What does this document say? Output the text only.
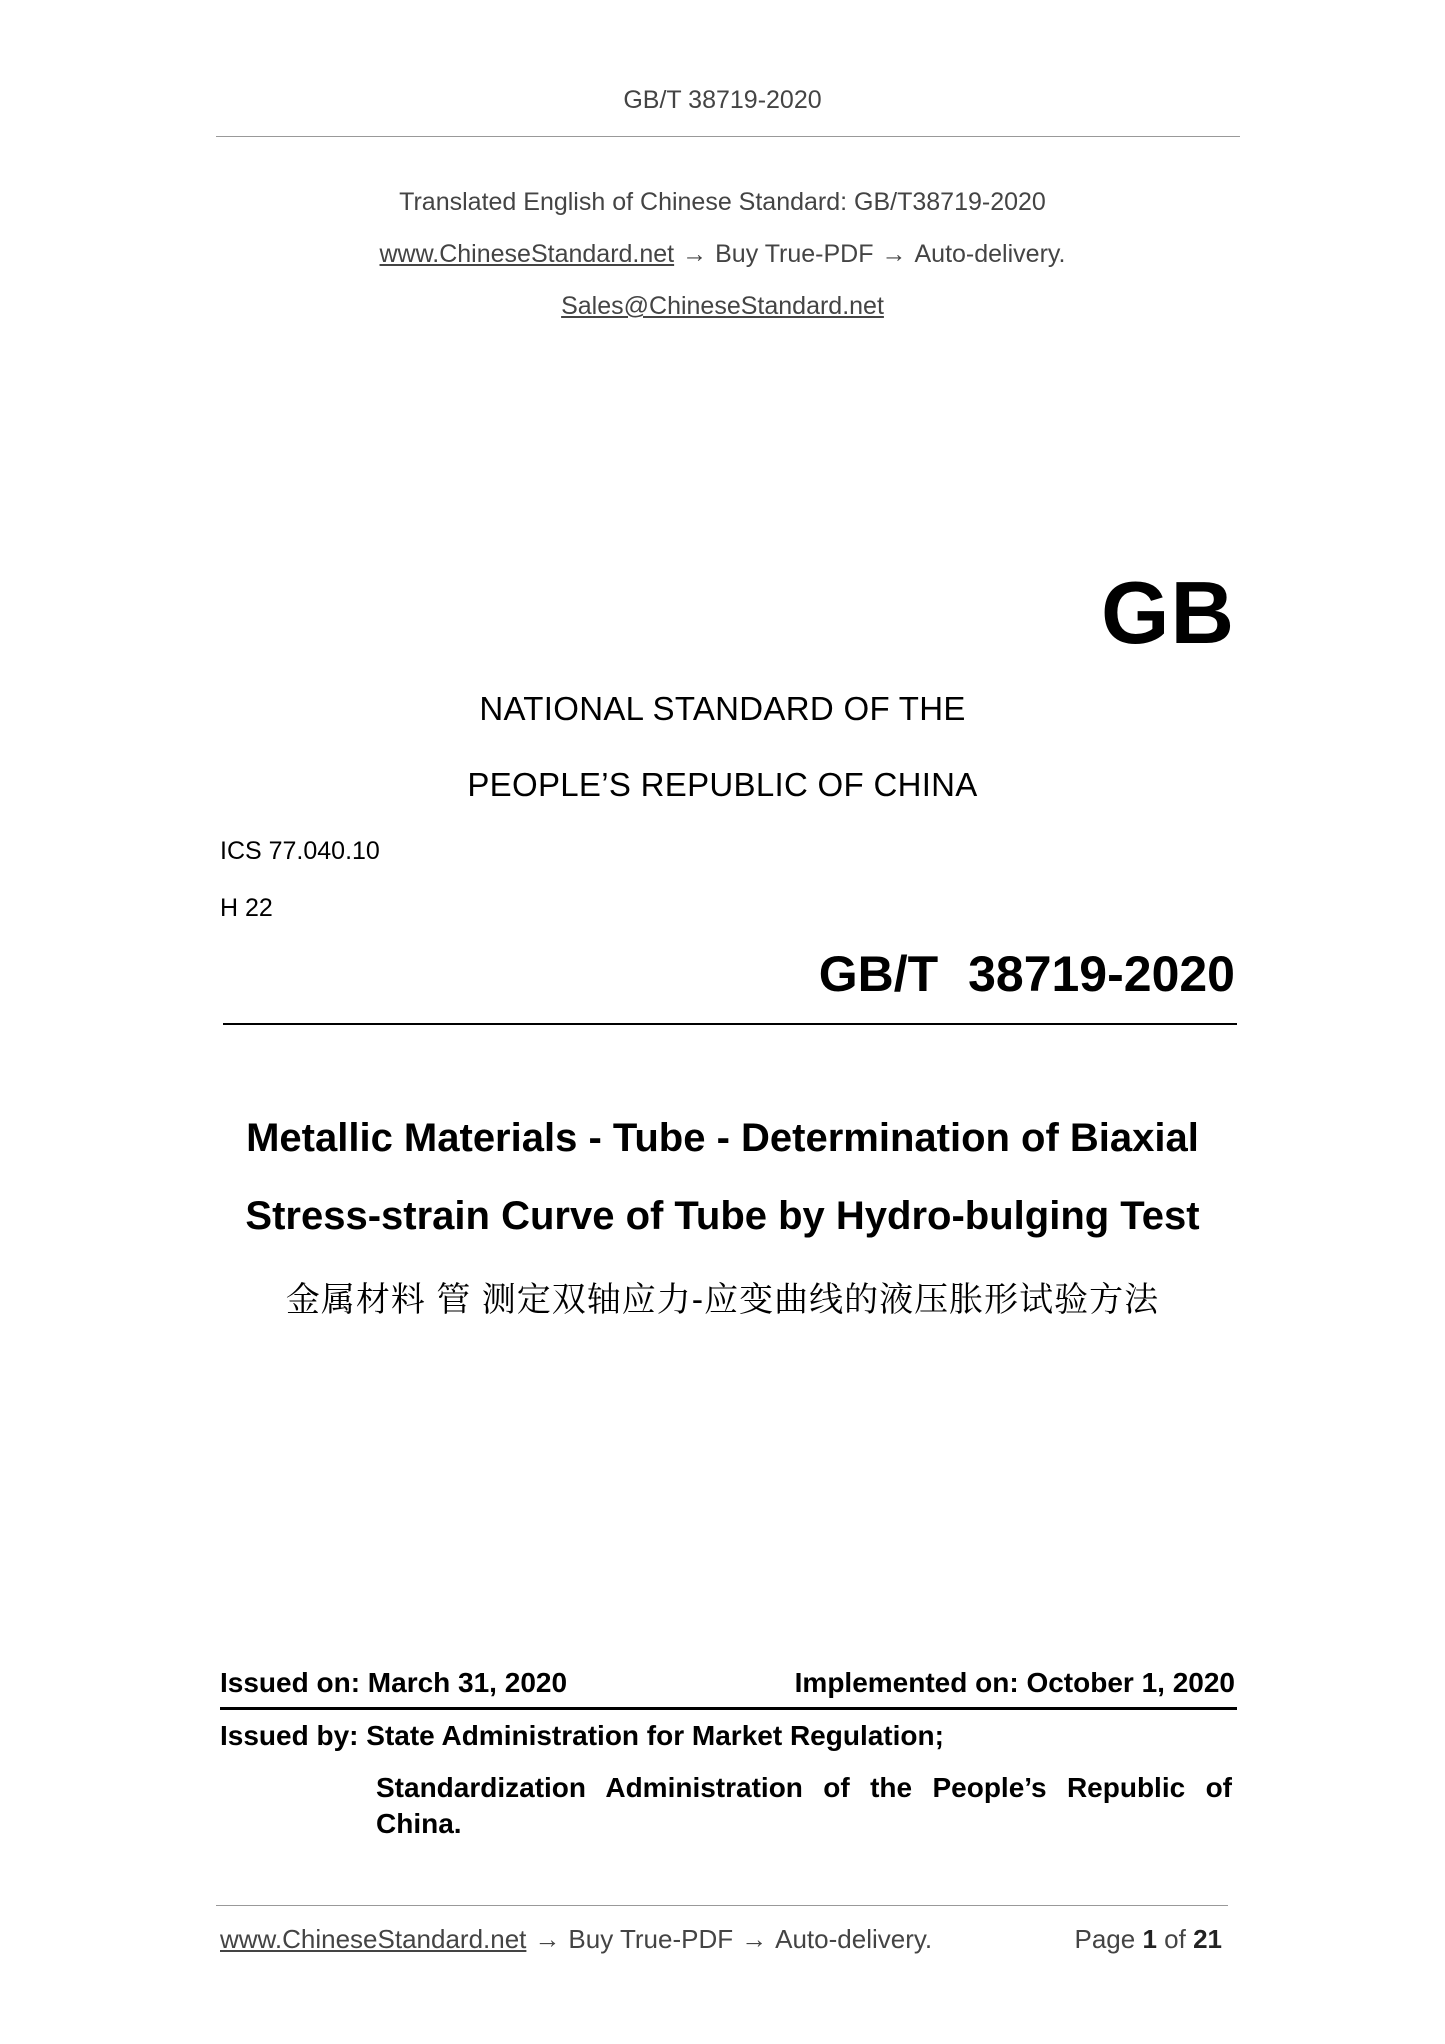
GB/T 38719-2020
Translated English of Chinese Standard: GB/T38719-2020
www.ChineseStandard.net → Buy True-PDF → Auto-delivery.
Sales@ChineseStandard.net
GB
NATIONAL STANDARD OF THE
PEOPLE’S REPUBLIC OF CHINA
ICS 77.040.10
H 22
GB/T 38719-2020
Metallic Materials - Tube - Determination of Biaxial
Stress-strain Curve of Tube by Hydro-bulging Test
金属材料 管 测定双轴应力-应变曲线的液压胀形试验方法
Issued on: March 31, 2020	Implemented on: October 1, 2020
Issued by: State Administration for Market Regulation;
Standardization Administration of the People’s Republic of
China.
www.ChineseStandard.net → Buy True-PDF → Auto-delivery.	Page 1 of 21
